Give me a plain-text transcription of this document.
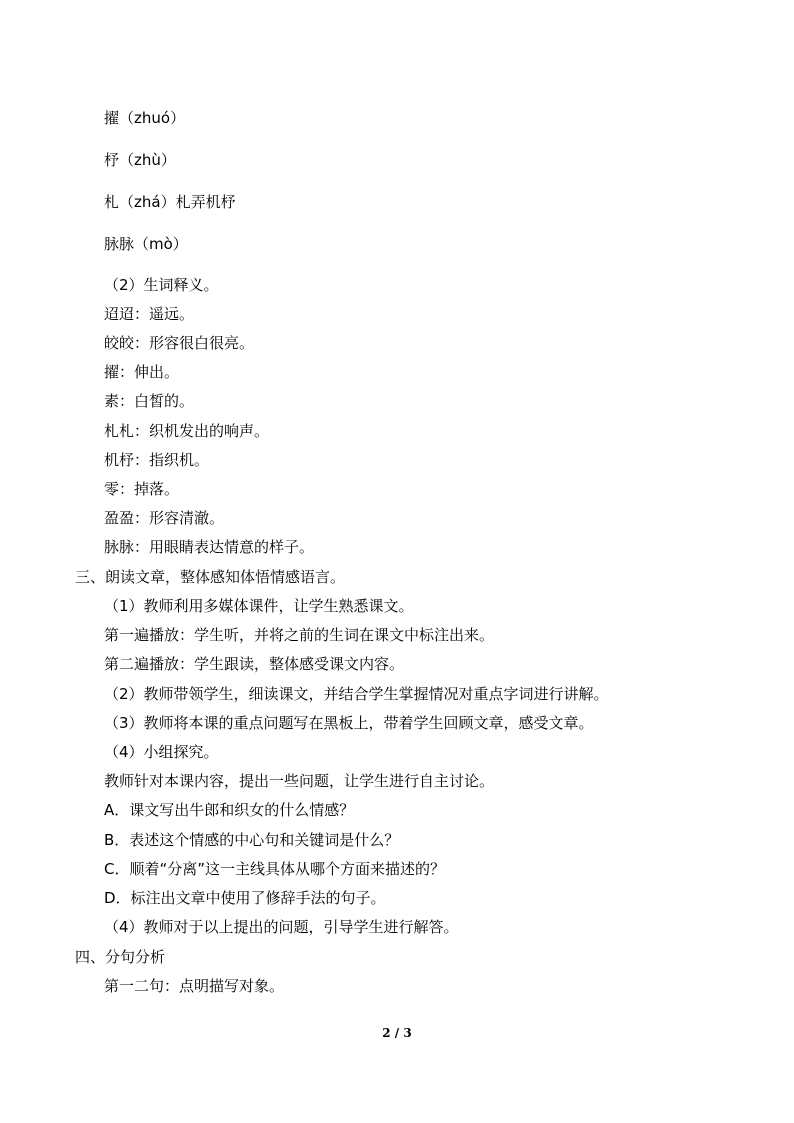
擢（zhuó）

杼（zhù）

札（zhá）札弄机杼

脉脉（mò）

（2）生词释义。

迢迢：遥远。

皎皎：形容很白很亮。

擢：伸出。

素：白皙的。

札札：织机发出的响声。

机杼：指织机。

零：掉落。

盈盈：形容清澈。

脉脉：用眼睛表达情意的样子。

三、朗读文章，整体感知体悟情感语言。

（1）教师利用多媒体课件，让学生熟悉课文。

第一遍播放：学生听，并将之前的生词在课文中标注出来。

第二遍播放：学生跟读，整体感受课文内容。

（2）教师带领学生，细读课文，并结合学生掌握情况对重点字词进行讲解。

（3）教师将本课的重点问题写在黑板上，带着学生回顾文章，感受文章。

（4）小组探究。

教师针对本课内容，提出一些问题，让学生进行自主讨论。

A．课文写出牛郎和织女的什么情感？

B．表述这个情感的中心句和关键词是什么？

C．顺着“分离”这一主线具体从哪个方面来描述的？

D．标注出文章中使用了修辞手法的句子。

（4）教师对于以上提出的问题，引导学生进行解答。

四、分句分析

第一二句：点明描写对象。

2 / 3
